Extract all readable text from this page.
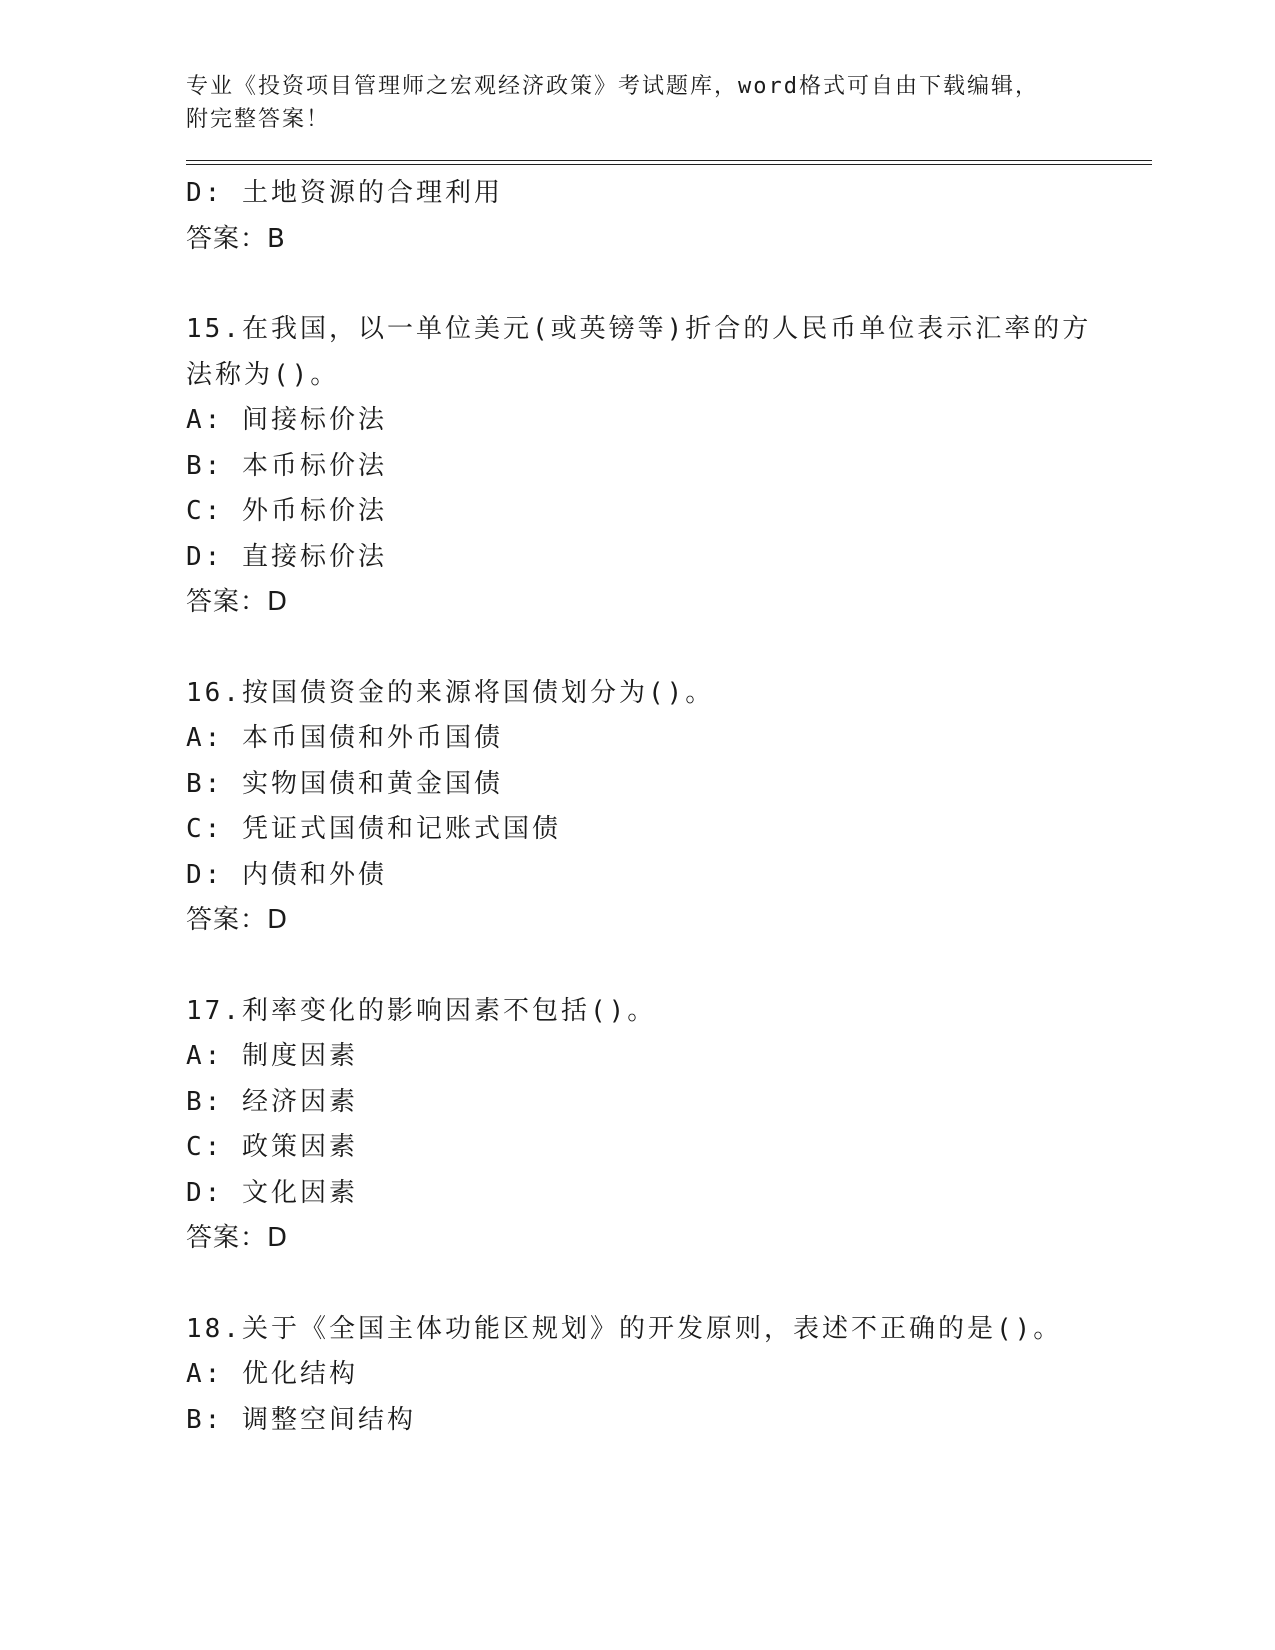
专业《投资项目管理师之宏观经济政策》考试题库，word格式可自由下载编辑，

附完整答案！

D: 土地资源的合理利用

答案：B

15.在我国，以一单位美元(或英镑等)折合的人民币单位表示汇率的方

法称为()。

A: 间接标价法

B: 本币标价法

C: 外币标价法

D: 直接标价法

答案：D

16.按国债资金的来源将国债划分为()。

A: 本币国债和外币国债

B: 实物国债和黄金国债

C: 凭证式国债和记账式国债

D: 内债和外债

答案：D

17.利率变化的影响因素不包括()。

A: 制度因素

B: 经济因素

C: 政策因素

D: 文化因素

答案：D

18.关于《全国主体功能区规划》的开发原则，表述不正确的是()。

A: 优化结构

B: 调整空间结构
